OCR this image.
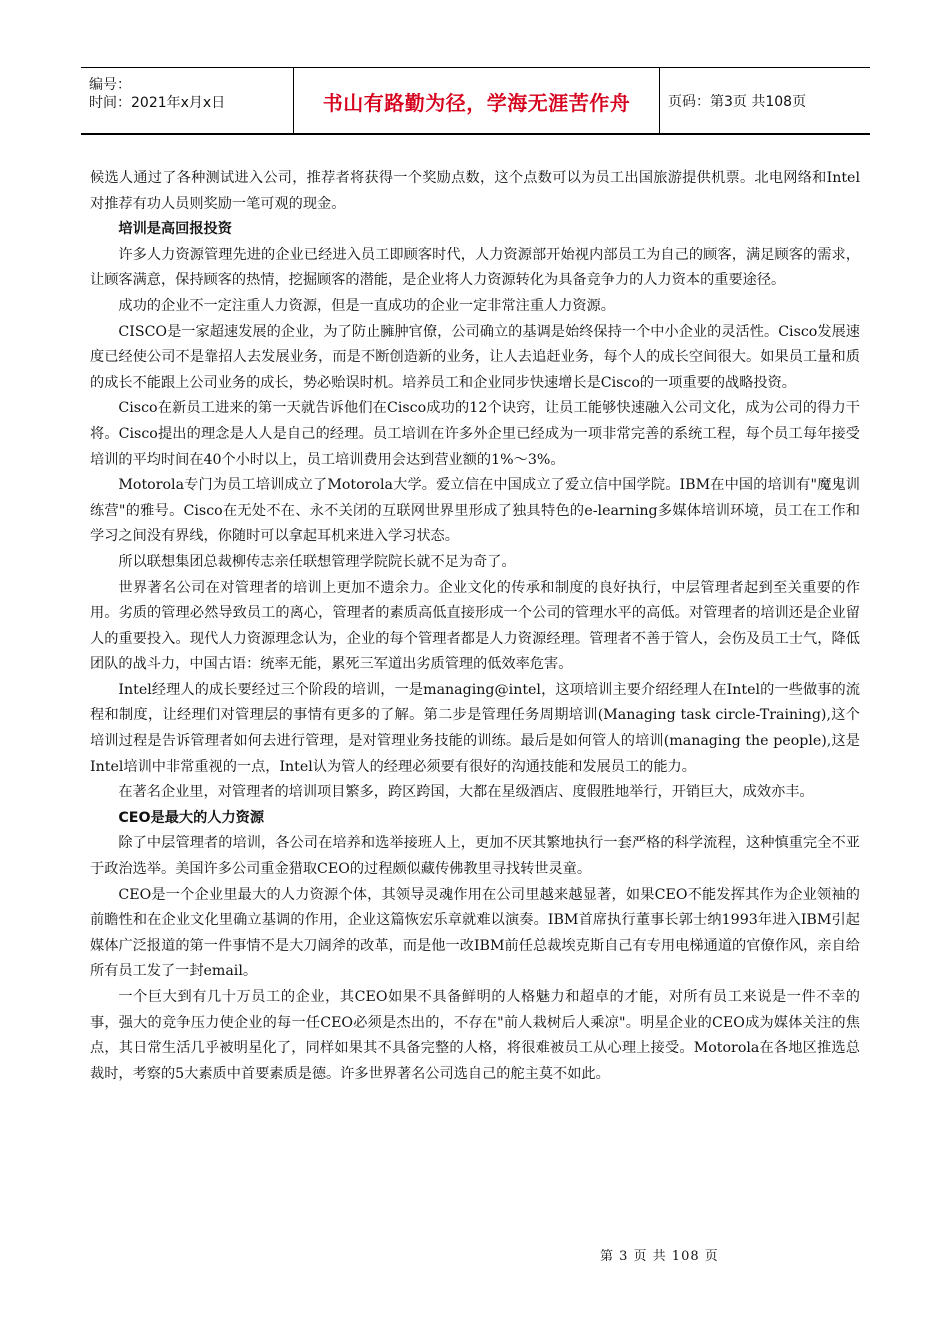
编号：
时间：2021年x月x日	书山有路勤为径，学海无涯苦作舟	页码：第3页 共108页

候选人通过了各种测试进入公司，推荐者将获得一个奖励点数，这个点数可以为员工出国旅游提供机票。北电网络和Intel对推荐有功人员则奖励一笔可观的现金。

培训是高回报投资

许多人力资源管理先进的企业已经进入员工即顾客时代，人力资源部开始视内部员工为自己的顾客，满足顾客的需求，让顾客满意，保持顾客的热情，挖掘顾客的潜能，是企业将人力资源转化为具备竞争力的人力资本的重要途径。

成功的企业不一定注重人力资源，但是一直成功的企业一定非常注重人力资源。

CISCO是一家超速发展的企业，为了防止臃肿官僚，公司确立的基调是始终保持一个中小企业的灵活性。Cisco发展速度已经使公司不是靠招人去发展业务，而是不断创造新的业务，让人去追赶业务，每个人的成长空间很大。如果员工量和质的成长不能跟上公司业务的成长，势必贻误时机。培养员工和企业同步快速增长是Cisco的一项重要的战略投资。

Cisco在新员工进来的第一天就告诉他们在Cisco成功的12个诀窍，让员工能够快速融入公司文化，成为公司的得力干将。Cisco提出的理念是人人是自己的经理。员工培训在许多外企里已经成为一项非常完善的系统工程，每个员工每年接受培训的平均时间在40个小时以上，员工培训费用会达到营业额的1%～3%。

Motorola专门为员工培训成立了Motorola大学。爱立信在中国成立了爱立信中国学院。IBM在中国的培训有"魔鬼训练营"的雅号。Cisco在无处不在、永不关闭的互联网世界里形成了独具特色的e-learning多媒体培训环境，员工在工作和学习之间没有界线，你随时可以拿起耳机来进入学习状态。

所以联想集团总裁柳传志亲任联想管理学院院长就不足为奇了。

世界著名公司在对管理者的培训上更加不遗余力。企业文化的传承和制度的良好执行，中层管理者起到至关重要的作用。劣质的管理必然导致员工的离心，管理者的素质高低直接形成一个公司的管理水平的高低。对管理者的培训还是企业留人的重要投入。现代人力资源理念认为，企业的每个管理者都是人力资源经理。管理者不善于管人，会伤及员工士气，降低团队的战斗力，中国古语：统率无能，累死三军道出劣质管理的低效率危害。

Intel经理人的成长要经过三个阶段的培训，一是managing@intel，这项培训主要介绍经理人在Intel的一些做事的流程和制度，让经理们对管理层的事情有更多的了解。第二步是管理任务周期培训(Managing task circle-Training),这个培训过程是告诉管理者如何去进行管理，是对管理业务技能的训练。最后是如何管人的培训(managing the people),这是Intel培训中非常重视的一点，Intel认为管人的经理必须要有很好的沟通技能和发展员工的能力。

在著名企业里，对管理者的培训项目繁多，跨区跨国，大都在星级酒店、度假胜地举行，开销巨大，成效亦丰。

CEO是最大的人力资源

除了中层管理者的培训，各公司在培养和选举接班人上，更加不厌其繁地执行一套严格的科学流程，这种慎重完全不亚于政治选举。美国许多公司重金猎取CEO的过程颇似藏传佛教里寻找转世灵童。

CEO是一个企业里最大的人力资源个体，其领导灵魂作用在公司里越来越显著，如果CEO不能发挥其作为企业领袖的前瞻性和在企业文化里确立基调的作用，企业这篇恢宏乐章就难以演奏。IBM首席执行董事长郭士纳1993年进入IBM引起媒体广泛报道的第一件事情不是大刀阔斧的改革，而是他一改IBM前任总裁埃克斯自己有专用电梯通道的官僚作风，亲自给所有员工发了一封email。

一个巨大到有几十万员工的企业，其CEO如果不具备鲜明的人格魅力和超卓的才能，对所有员工来说是一件不幸的事，强大的竞争压力使企业的每一任CEO必须是杰出的，不存在"前人栽树后人乘凉"。明星企业的CEO成为媒体关注的焦点，其日常生活几乎被明星化了，同样如果其不具备完整的人格，将很难被员工从心理上接受。Motorola在各地区推选总裁时，考察的5大素质中首要素质是德。许多世界著名公司选自己的舵主莫不如此。

第 3 页 共 108 页
